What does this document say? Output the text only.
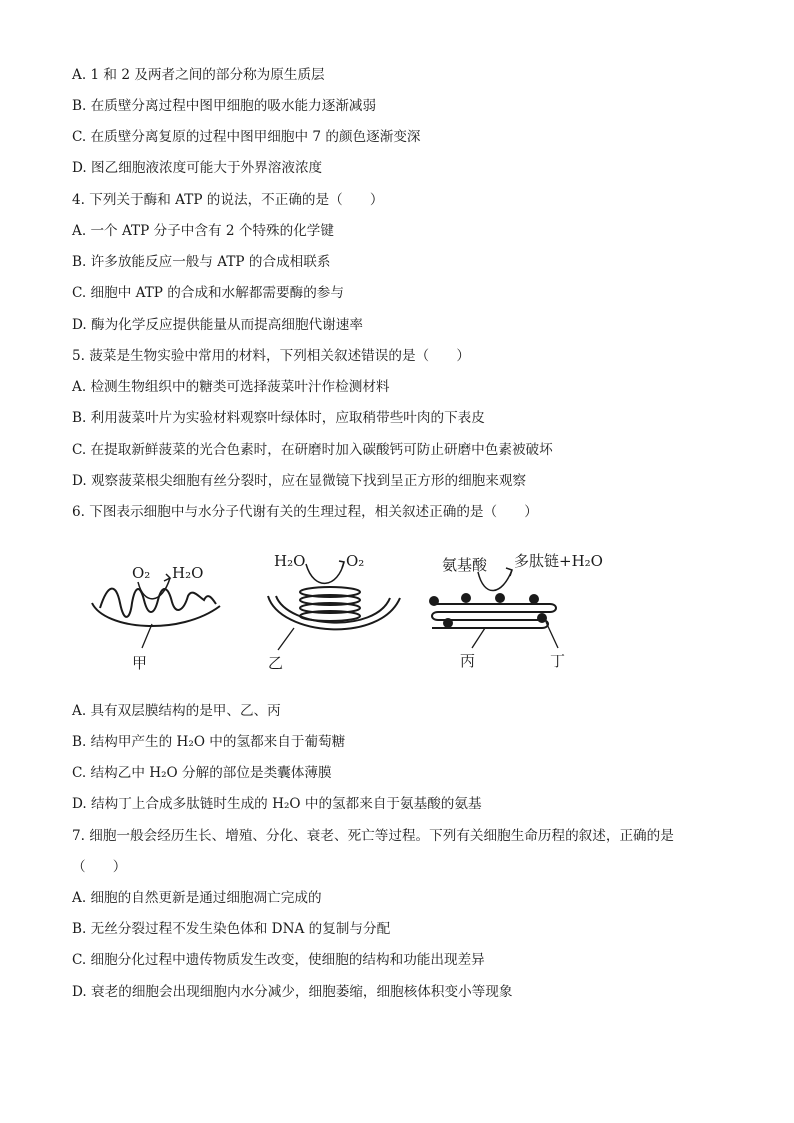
A. 1 和 2 及两者之间的部分称为原生质层
B. 在质壁分离过程中图甲细胞的吸水能力逐渐减弱
C. 在质壁分离复原的过程中图甲细胞中 7 的颜色逐渐变深
D. 图乙细胞液浓度可能大于外界溶液浓度
4. 下列关于酶和 ATP 的说法，不正确的是（　　）
A. 一个 ATP 分子中含有 2 个特殊的化学键
B. 许多放能反应一般与 ATP 的合成相联系
C. 细胞中 ATP 的合成和水解都需要酶的参与
D. 酶为化学反应提供能量从而提高细胞代谢速率
5. 菠菜是生物实验中常用的材料，下列相关叙述错误的是（　　）
A. 检测生物组织中的糖类可选择菠菜叶汁作检测材料
B. 利用菠菜叶片为实验材料观察叶绿体时，应取稍带些叶肉的下表皮
C. 在提取新鲜菠菜的光合色素时，在研磨时加入碳酸钙可防止研磨中色素被破坏
D. 观察菠菜根尖细胞有丝分裂时，应在显微镜下找到呈正方形的细胞来观察
6. 下图表示细胞中与水分子代谢有关的生理过程，相关叙述正确的是（　　）
O₂ H₂O
甲
H₂O	O₂
乙
氨基酸 多肽链+H₂O
丙	丁
A. 具有双层膜结构的是甲、乙、丙
B. 结构甲产生的 H₂O 中的氢都来自于葡萄糖
C. 结构乙中 H₂O 分解的部位是类囊体薄膜
D. 结构丁上合成多肽链时生成的 H₂O 中的氢都来自于氨基酸的氨基
7. 细胞一般会经历生长、增殖、分化、衰老、死亡等过程。下列有关细胞生命历程的叙述，正确的是
（　　）
A. 细胞的自然更新是通过细胞凋亡完成的
B. 无丝分裂过程不发生染色体和 DNA 的复制与分配
C. 细胞分化过程中遗传物质发生改变，使细胞的结构和功能出现差异
D. 衰老的细胞会出现细胞内水分减少，细胞萎缩，细胞核体积变小等现象
